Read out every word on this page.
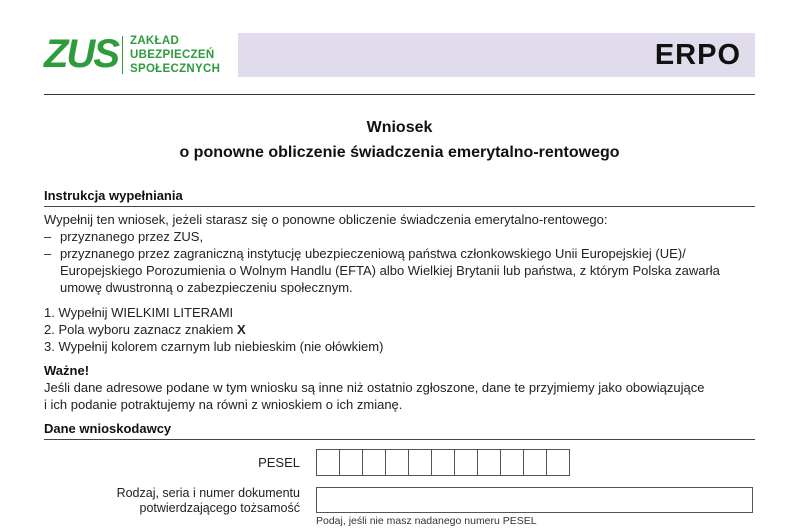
ZUS ZAKŁAD
UBEZPIECZEŃ
SPOŁECZNYCH	ERPO
Wniosek
o ponowne obliczenie świadczenia emerytalno-rentowego
Instrukcja wypełniania
Wypełnij ten wniosek, jeżeli starasz się o ponowne obliczenie świadczenia emerytalno-rentowego:
– przyznanego przez ZUS,
– przyznanego przez zagraniczną instytucję ubezpieczeniową państwa członkowskiego Unii Europejskiej (UE)/
Europejskiego Porozumienia o Wolnym Handlu (EFTA) albo Wielkiej Brytanii lub państwa, z którym Polska zawarła
umowę dwustronną o zabezpieczeniu społecznym.
1. Wypełnij WIELKIMI LITERAMI
2. Pola wyboru zaznacz znakiem X
3. Wypełnij kolorem czarnym lub niebieskim (nie ołówkiem)
Ważne!
Jeśli dane adresowe podane w tym wniosku są inne niż ostatnio zgłoszone, dane te przyjmiemy jako obowiązujące
i ich podanie potraktujemy na równi z wnioskiem o ich zmianę.
Dane wnioskodawcy
PESEL
Rodzaj, seria i numer dokumentu
potwierdzającego tożsamość
Podaj, jeśli nie masz nadanego numeru PESEL
